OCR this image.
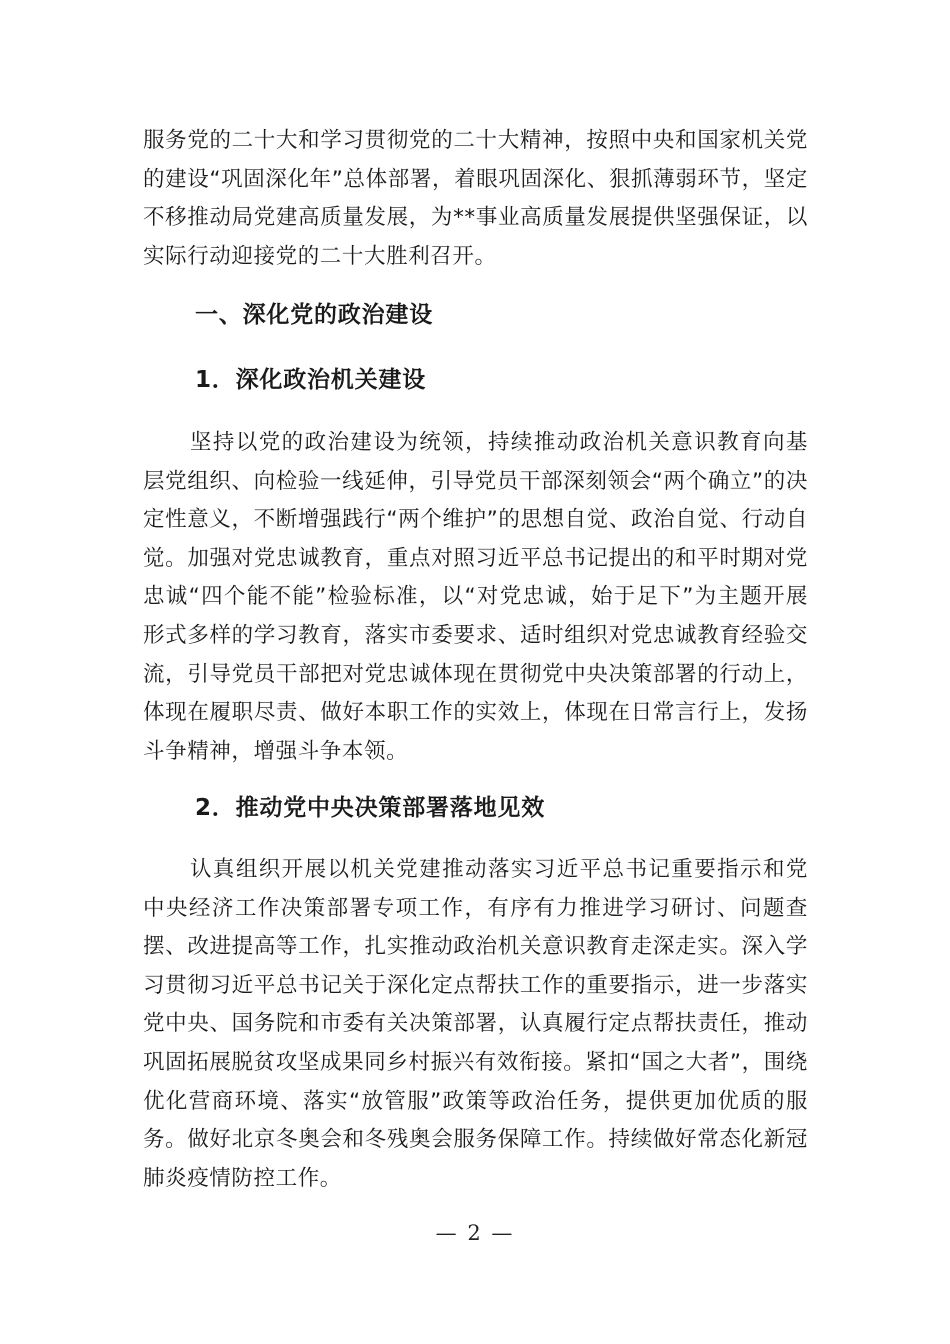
服务党的二十大和学习贯彻党的二十大精神，按照中央和国家机关党的建设“巩固深化年”总体部署，着眼巩固深化、狠抓薄弱环节，坚定不移推动局党建高质量发展，为**事业高质量发展提供坚强保证，以实际行动迎接党的二十大胜利召开。
一、深化党的政治建设
1．深化政治机关建设
坚持以党的政治建设为统领，持续推动政治机关意识教育向基层党组织、向检验一线延伸，引导党员干部深刻领会“两个确立”的决定性意义，不断增强践行“两个维护”的思想自觉、政治自觉、行动自觉。加强对党忠诚教育，重点对照习近平总书记提出的和平时期对党忠诚“四个能不能”检验标准，以“对党忠诚，始于足下”为主题开展形式多样的学习教育，落实市委要求、适时组织对党忠诚教育经验交流，引导党员干部把对党忠诚体现在贯彻党中央决策部署的行动上，体现在履职尽责、做好本职工作的实效上，体现在日常言行上，发扬斗争精神，增强斗争本领。
2．推动党中央决策部署落地见效
认真组织开展以机关党建推动落实习近平总书记重要指示和党中央经济工作决策部署专项工作，有序有力推进学习研讨、问题查摆、改进提高等工作，扎实推动政治机关意识教育走深走实。深入学习贯彻习近平总书记关于深化定点帮扶工作的重要指示，进一步落实党中央、国务院和市委有关决策部署，认真履行定点帮扶责任，推动巩固拓展脱贫攻坚成果同乡村振兴有效衔接。紧扣“国之大者”，围绕优化营商环境、落实“放管服”政策等政治任务，提供更加优质的服务。做好北京冬奥会和冬残奥会服务保障工作。持续做好常态化新冠肺炎疫情防控工作。
— 2 —
